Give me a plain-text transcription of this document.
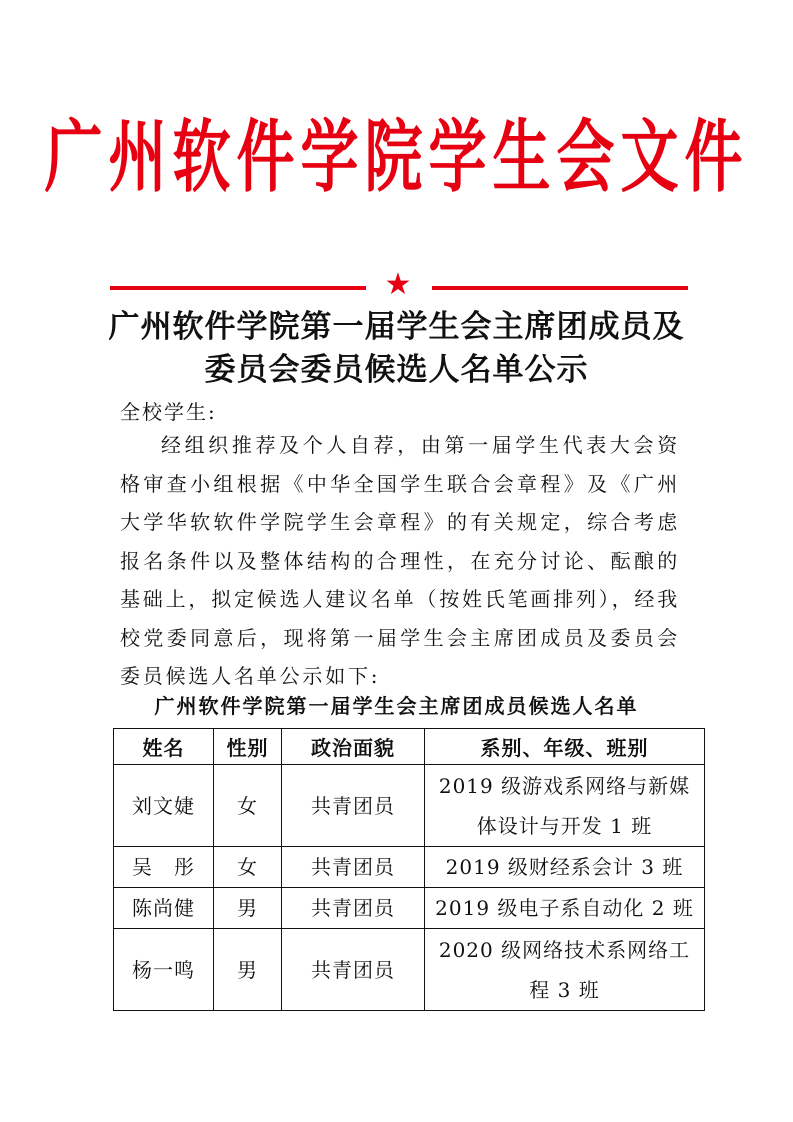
广州软件学院学生会文件
★
广州软件学院第一届学生会主席团成员及
委员会委员候选人名单公示
全校学生:
经组织推荐及个人自荐，由第一届学生代表大会资格审查小组根据《中华全国学生联合会章程》及《广州大学华软软件学院学生会章程》的有关规定，综合考虑报名条件以及整体结构的合理性，在充分讨论、酝酿的基础上，拟定候选人建议名单（按姓氏笔画排列），经我校党委同意后，现将第一届学生会主席团成员及委员会委员候选人名单公示如下:
广州软件学院第一届学生会主席团成员候选人名单
姓名	性别	政治面貌	系别、年级、班别
刘文婕	女	共青团员	2019 级游戏系网络与新媒体设计与开发 1 班
吴　彤	女	共青团员	2019 级财经系会计 3 班
陈尚健	男	共青团员	2019 级电子系自动化 2 班
杨一鸣	男	共青团员	2020 级网络技术系网络工程 3 班
